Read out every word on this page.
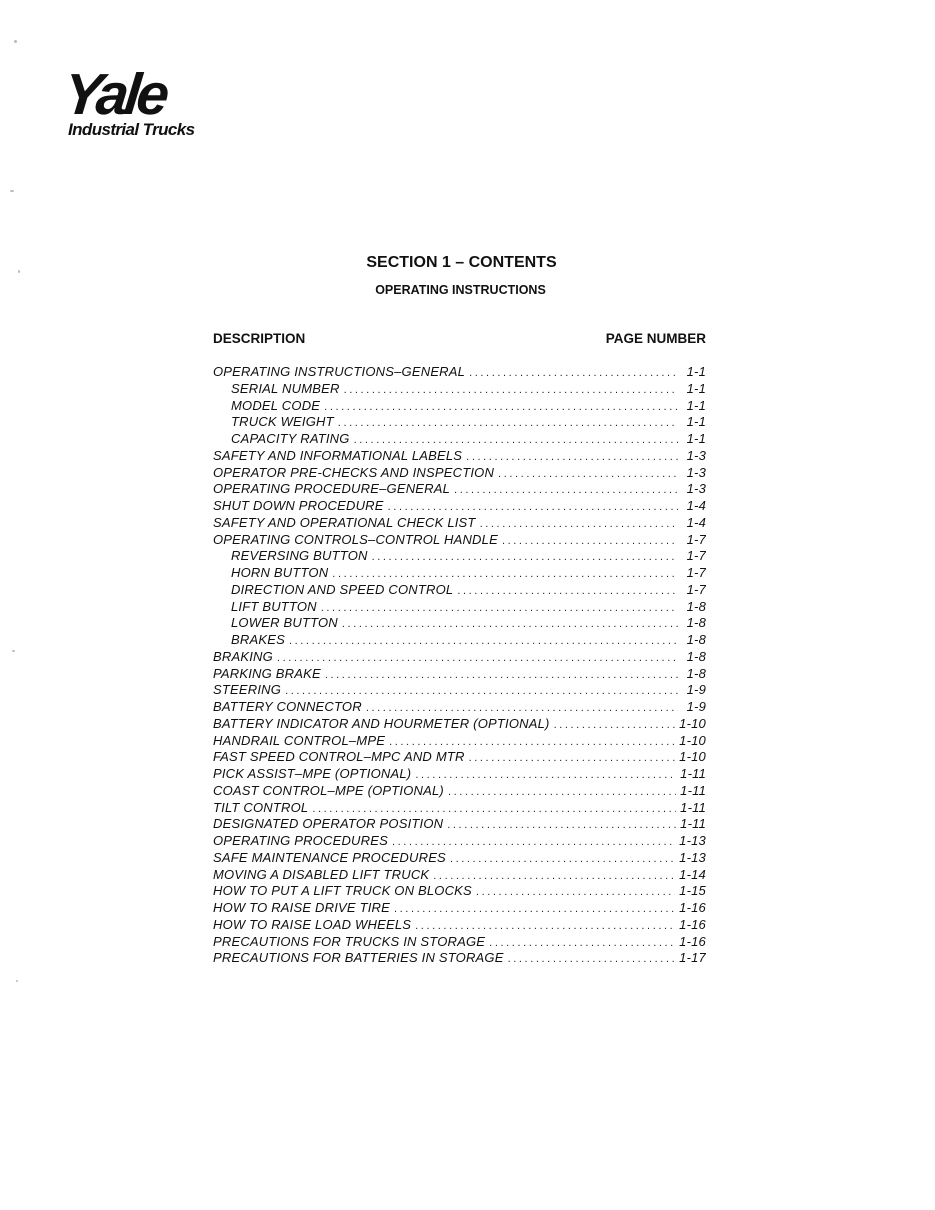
Yale
Industrial Trucks
SECTION 1 – CONTENTS
OPERATING INSTRUCTIONS
DESCRIPTION	PAGE NUMBER
OPERATING INSTRUCTIONS–GENERAL .....	1-1
SERIAL NUMBER .....	1-1
MODEL CODE .....	1-1
TRUCK WEIGHT .....	1-1
CAPACITY RATING .....	1-1
SAFETY AND INFORMATIONAL LABELS .....	1-3
OPERATOR PRE-CHECKS AND INSPECTION .....	1-3
OPERATING PROCEDURE–GENERAL .....	1-3
SHUT DOWN PROCEDURE .....	1-4
SAFETY AND OPERATIONAL CHECK LIST .....	1-4
OPERATING CONTROLS–CONTROL HANDLE .....	1-7
REVERSING BUTTON .....	1-7
HORN BUTTON .....	1-7
DIRECTION AND SPEED CONTROL .....	1-7
LIFT BUTTON .....	1-8
LOWER BUTTON .....	1-8
BRAKES .....	1-8
BRAKING .....	1-8
PARKING BRAKE .....	1-8
STEERING .....	1-9
BATTERY CONNECTOR .....	1-9
BATTERY INDICATOR AND HOURMETER (OPTIONAL) .....	1-10
HANDRAIL CONTROL–MPE .....	1-10
FAST SPEED CONTROL–MPC AND MTR .....	1-10
PICK ASSIST–MPE (OPTIONAL) .....	1-11
COAST CONTROL–MPE (OPTIONAL) .....	1-11
TILT CONTROL .....	1-11
DESIGNATED OPERATOR POSITION .....	1-11
OPERATING PROCEDURES .....	1-13
SAFE MAINTENANCE PROCEDURES .....	1-13
MOVING A DISABLED LIFT TRUCK .....	1-14
HOW TO PUT A LIFT TRUCK ON BLOCKS .....	1-15
HOW TO RAISE DRIVE TIRE .....	1-16
HOW TO RAISE LOAD WHEELS .....	1-16
PRECAUTIONS FOR TRUCKS IN STORAGE .....	1-16
PRECAUTIONS FOR BATTERIES IN STORAGE .....	1-17
